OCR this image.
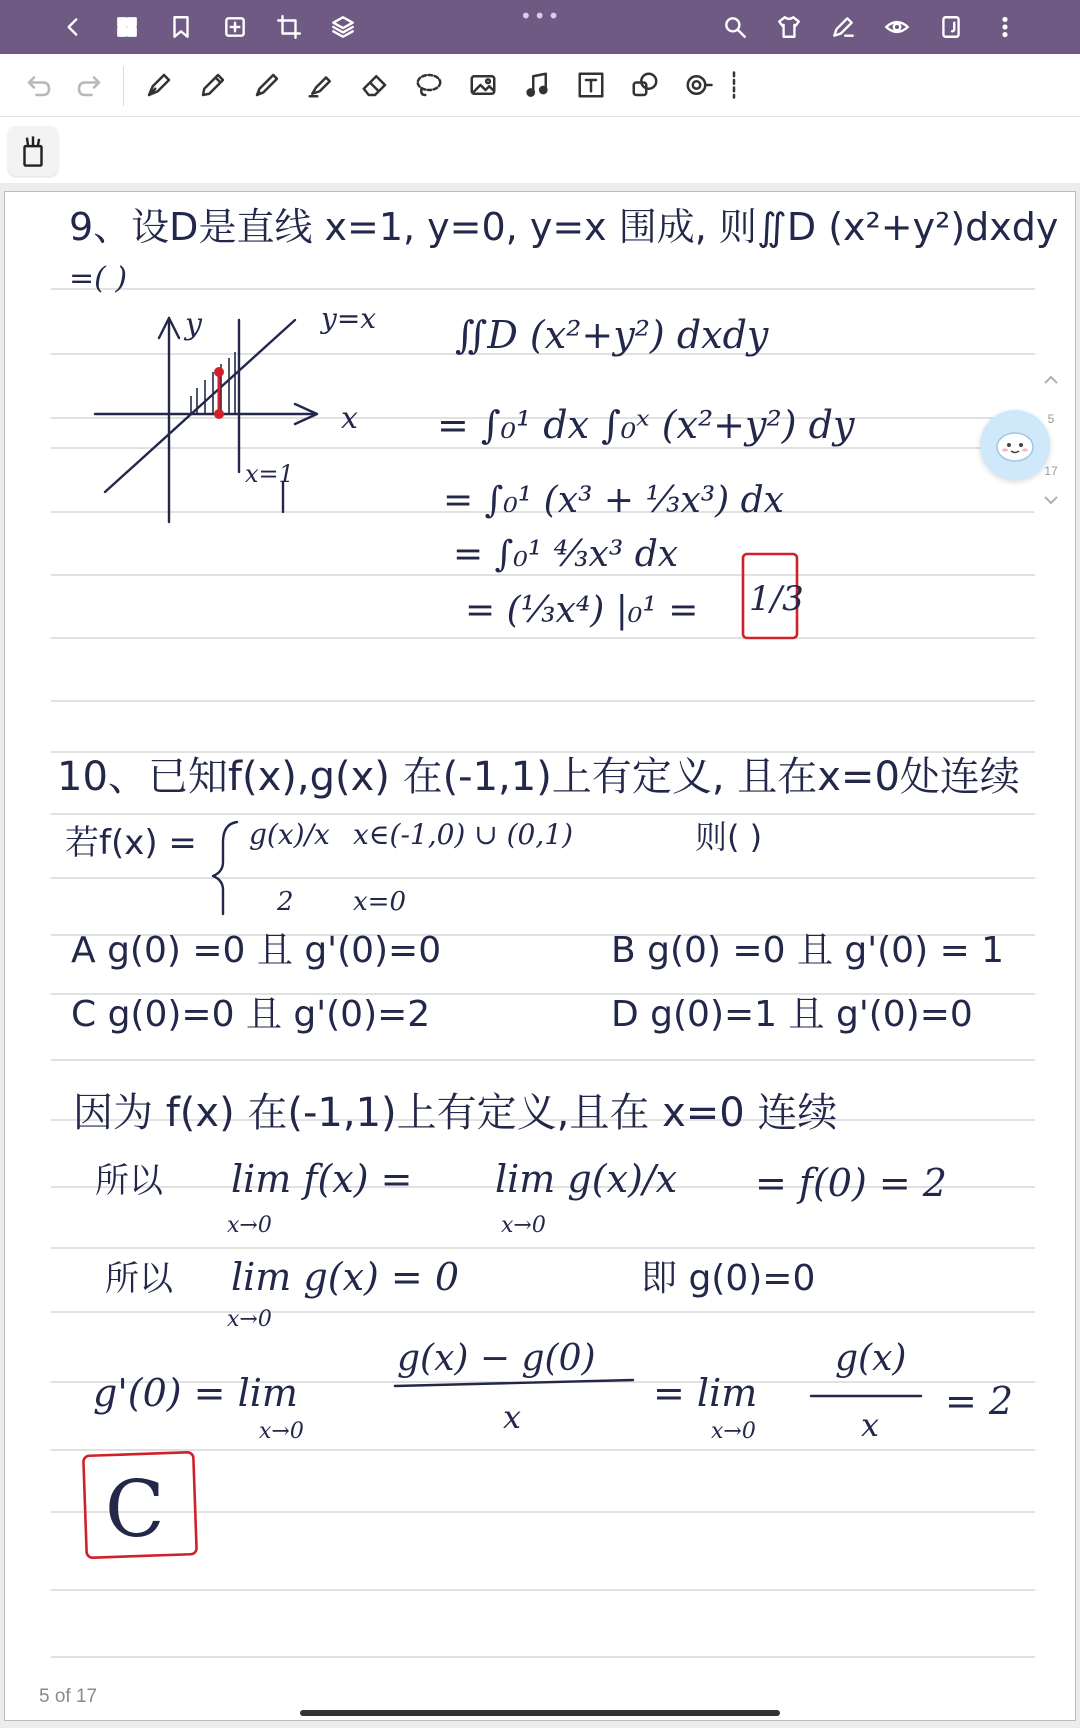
•••
9、设D是直线 x=1, y=0, y=x 围成, 则∬D (x²+y²)dxdy
=( )
y
x
y=x
x=1
∬D (x²+y²) dxdy
= ∫₀¹ dx ∫₀ˣ (x²+y²) dy
= ∫₀¹ (x³ + ⅓x³) dx
= ∫₀¹ ⁴⁄₃x³ dx
= (⅓x⁴) |₀¹ = 1/3
10、已知f(x),g(x) 在(-1,1)上有定义, 且在x=0处连续
若f(x) = g(x)/x x∈(-1,0) ∪ (0,1)
2 x=0
则( )
A g(0) =0 且 g'(0)=0	B g(0) =0 且 g'(0) = 1
C g(0)=0 且 g'(0)=2	D g(0)=1 且 g'(0)=0
因为 f(x) 在(-1,1)上有定义,且在 x=0 连续
所以 lim f(x) =
x→0
lim g(x)/x
x→0
= f(0) = 2
所以 lim g(x) = 0
x→0
即 g(0)=0
g'(0) = lim
x→0
g(x) − g(0)
x
= lim
x→0
g(x)
x
= 2
C
5 of 17
5
17
